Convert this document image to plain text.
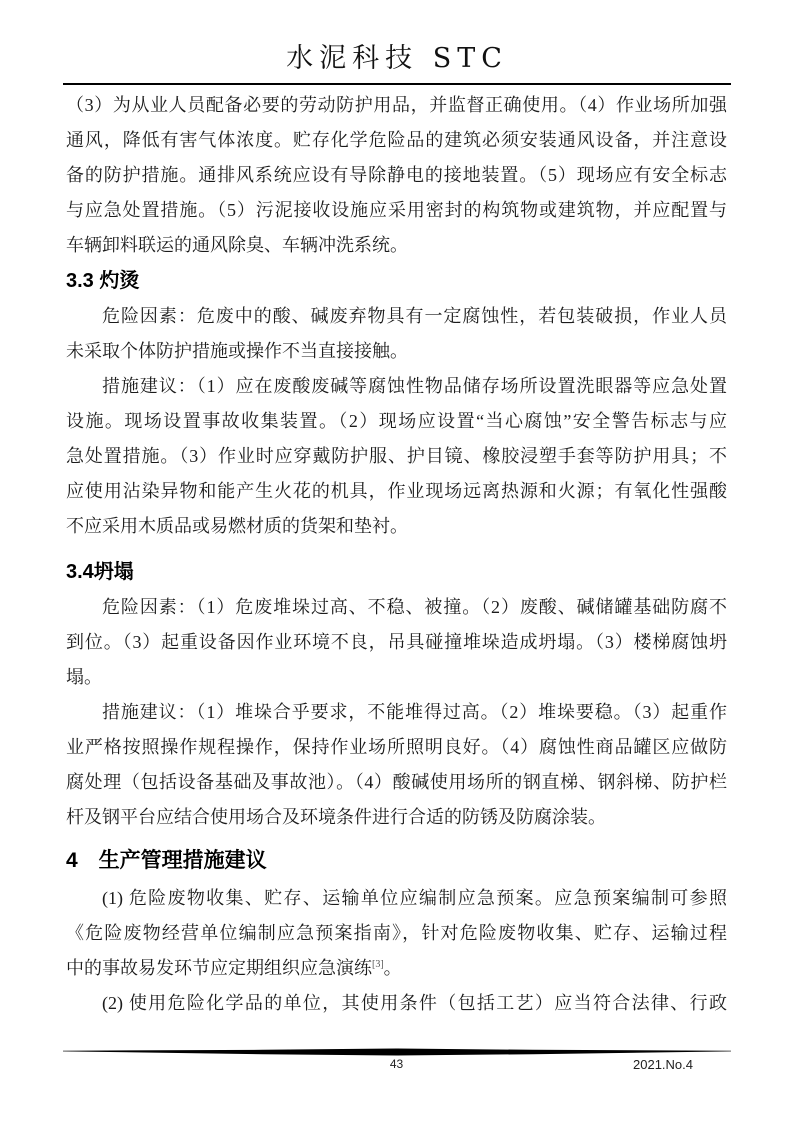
水泥科技 STC
（3）为从业人员配备必要的劳动防护用品，并监督正确使用。（4）作业场所加强
通风，降低有害气体浓度。贮存化学危险品的建筑必须安装通风设备，并注意设
备的防护措施。通排风系统应设有导除静电的接地装置。（5）现场应有安全标志
与应急处置措施。（5）污泥接收设施应采用密封的构筑物或建筑物，并应配置与
车辆卸料联运的通风除臭、车辆冲洗系统。
3.3 灼烫
危险因素：危废中的酸、碱废弃物具有一定腐蚀性，若包装破损，作业人员
未采取个体防护措施或操作不当直接接触。
措施建议：（1）应在废酸废碱等腐蚀性物品储存场所设置洗眼器等应急处置
设施。现场设置事故收集装置。（2）现场应设置“当心腐蚀”安全警告标志与应
急处置措施。（3）作业时应穿戴防护服、护目镜、橡胶浸塑手套等防护用具；不
应使用沾染异物和能产生火花的机具，作业现场远离热源和火源；有氧化性强酸
不应采用木质品或易燃材质的货架和垫衬。
3.4坍塌
危险因素：（1）危废堆垛过高、不稳、被撞。（2）废酸、碱储罐基础防腐不
到位。（3）起重设备因作业环境不良，吊具碰撞堆垛造成坍塌。（3）楼梯腐蚀坍
塌。
措施建议：（1）堆垛合乎要求，不能堆得过高。（2）堆垛要稳。（3）起重作
业严格按照操作规程操作，保持作业场所照明良好。（4）腐蚀性商品罐区应做防
腐处理（包括设备基础及事故池）。（4）酸碱使用场所的钢直梯、钢斜梯、防护栏
杆及钢平台应结合使用场合及环境条件进行合适的防锈及防腐涂装。
4　生产管理措施建议
(1) 危险废物收集、贮存、运输单位应编制应急预案。应急预案编制可参照
《危险废物经营单位编制应急预案指南》，针对危险废物收集、贮存、运输过程
中的事故易发环节应定期组织应急演练[3]。
(2) 使用危险化学品的单位，其使用条件（包括工艺）应当符合法律、行政
43	2021.No.4
